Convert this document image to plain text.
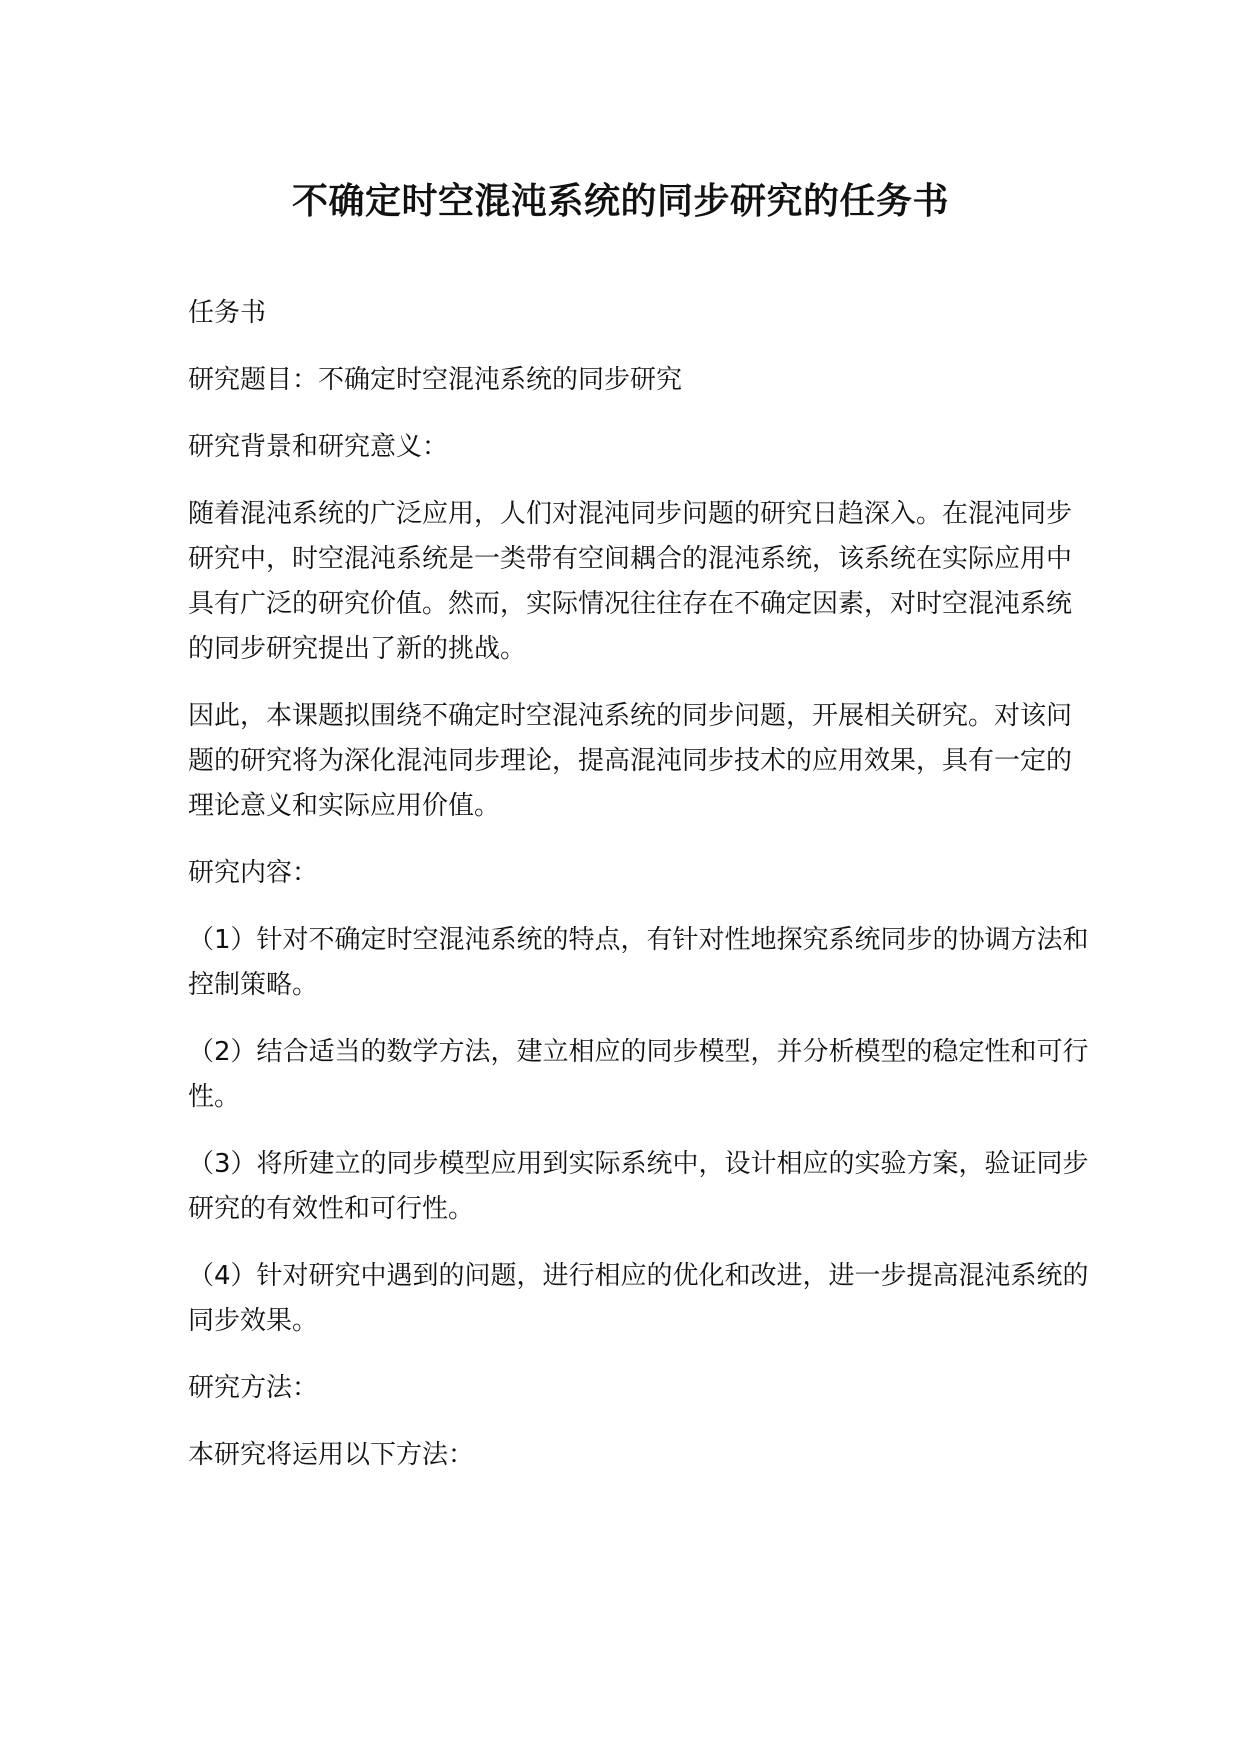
不确定时空混沌系统的同步研究的任务书

任务书

研究题目：不确定时空混沌系统的同步研究

研究背景和研究意义：

随着混沌系统的广泛应用，人们对混沌同步问题的研究日趋深入。在混沌同步研究中，时空混沌系统是一类带有空间耦合的混沌系统，该系统在实际应用中具有广泛的研究价值。然而，实际情况往往存在不确定因素，对时空混沌系统的同步研究提出了新的挑战。

因此，本课题拟围绕不确定时空混沌系统的同步问题，开展相关研究。对该问题的研究将为深化混沌同步理论，提高混沌同步技术的应用效果，具有一定的理论意义和实际应用价值。

研究内容：

（1）针对不确定时空混沌系统的特点，有针对性地探究系统同步的协调方法和控制策略。

（2）结合适当的数学方法，建立相应的同步模型，并分析模型的稳定性和可行性。

（3）将所建立的同步模型应用到实际系统中，设计相应的实验方案，验证同步研究的有效性和可行性。

（4）针对研究中遇到的问题，进行相应的优化和改进，进一步提高混沌系统的同步效果。

研究方法：

本研究将运用以下方法：
